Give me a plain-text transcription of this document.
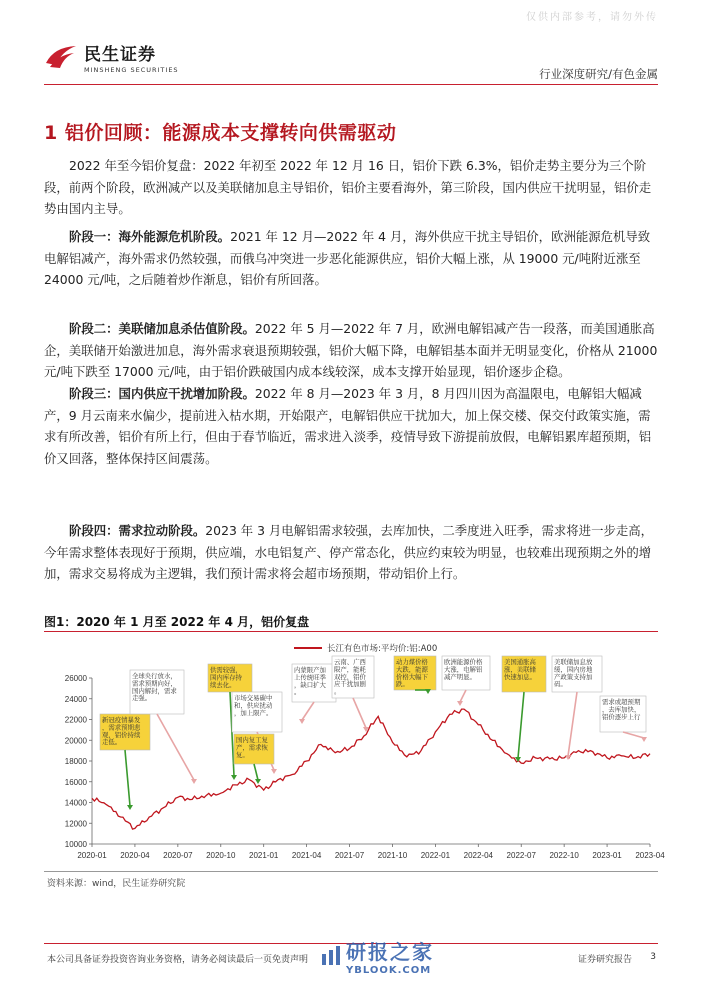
仅供内部参考，请勿外传
民生证券
MINSHENG SECURITIES	行业深度研究/有色金属
1 铝价回顾：能源成本支撑转向供需驱动
2022 年至今铝价复盘：2022 年初至 2022 年 12 月 16 日，铝价下跌 6.3%，铝价走势主要分为三个阶段，前两个阶段，欧洲减产以及美联储加息主导铝价，铝价主要看海外，第三阶段，国内供应干扰明显，铝价走势由国内主导。
阶段一：海外能源危机阶段。2021 年 12 月—2022 年 4 月，海外供应干扰主导铝价，欧洲能源危机导致电解铝减产，海外需求仍然较强，而俄乌冲突进一步恶化能源供应，铝价大幅上涨，从 19000 元/吨附近涨至 24000 元/吨，之后随着炒作渐息，铝价有所回落。
阶段二：美联储加息杀估值阶段。2022 年 5 月—2022 年 7 月，欧洲电解铝减产告一段落，而美国通胀高企，美联储开始激进加息，海外需求衰退预期较强，铝价大幅下降，电解铝基本面并无明显变化，价格从 21000 元/吨下跌至 17000 元/吨，由于铝价跌破国内成本线较深，成本支撑开始显现，铝价逐步企稳。
阶段三：国内供应干扰增加阶段。2022 年 8 月—2023 年 3 月，8 月四川因为高温限电，电解铝大幅减产，9 月云南来水偏少，提前进入枯水期，开始限产，电解铝供应干扰加大，加上保交楼、保交付政策实施，需求有所改善，铝价有所上行，但由于春节临近，需求进入淡季，疫情导致下游提前放假，电解铝累库超预期，铝价又回落，整体保持区间震荡。
阶段四：需求拉动阶段。2023 年 3 月电解铝需求较强，去库加快，二季度进入旺季，需求将进一步走高，今年需求整体表现好于预期，供应端，水电铝复产、停产常态化，供应约束较为明显，也较难出现预期之外的增加，需求交易将成为主逻辑，我们预计需求将会超市场预期，带动铝价上行。
图1：2020 年 1 月至 2022 年 4 月，铝价复盘
10000
12000
14000
16000
18000
20000
22000
24000
26000
2020-01 2020-04 2020-07 2020-10 2021-01 2021-04 2021-07 2021-10 2022-01 2022-04 2022-07 2022-10 2023-01 2023-04
长江有色市场:平均价:铝:A00
新冠疫情暴发，需求预期悲观，铝价持续走低。
全球央行放水，需求预期向好，国内解封，需求走强。
供需较强，国内库存持续去化。
市场交易碳中和，供应扰动，加上限产。
国内复工复产，需求恢复。
内蒙限产加上传统旺季，缺口扩大。
云南、广西限产，能耗双控，铝价应千扰加剧。
动力煤价格大跌，能源价格大幅下跌。
欧洲能源价格大涨，电解铝减产明显。
美国通胀高涨，美联储快速加息。
美联储加息放缓，国内房地产政策支持加码。
需求或超预期，去库加快，铝价逐步上行
资料来源：wind，民生证券研究院
本公司具备证券投资咨询业务资格，请务必阅读最后一页免责声明	证券研究报告 3
研报之家
YBLOOK.COM
